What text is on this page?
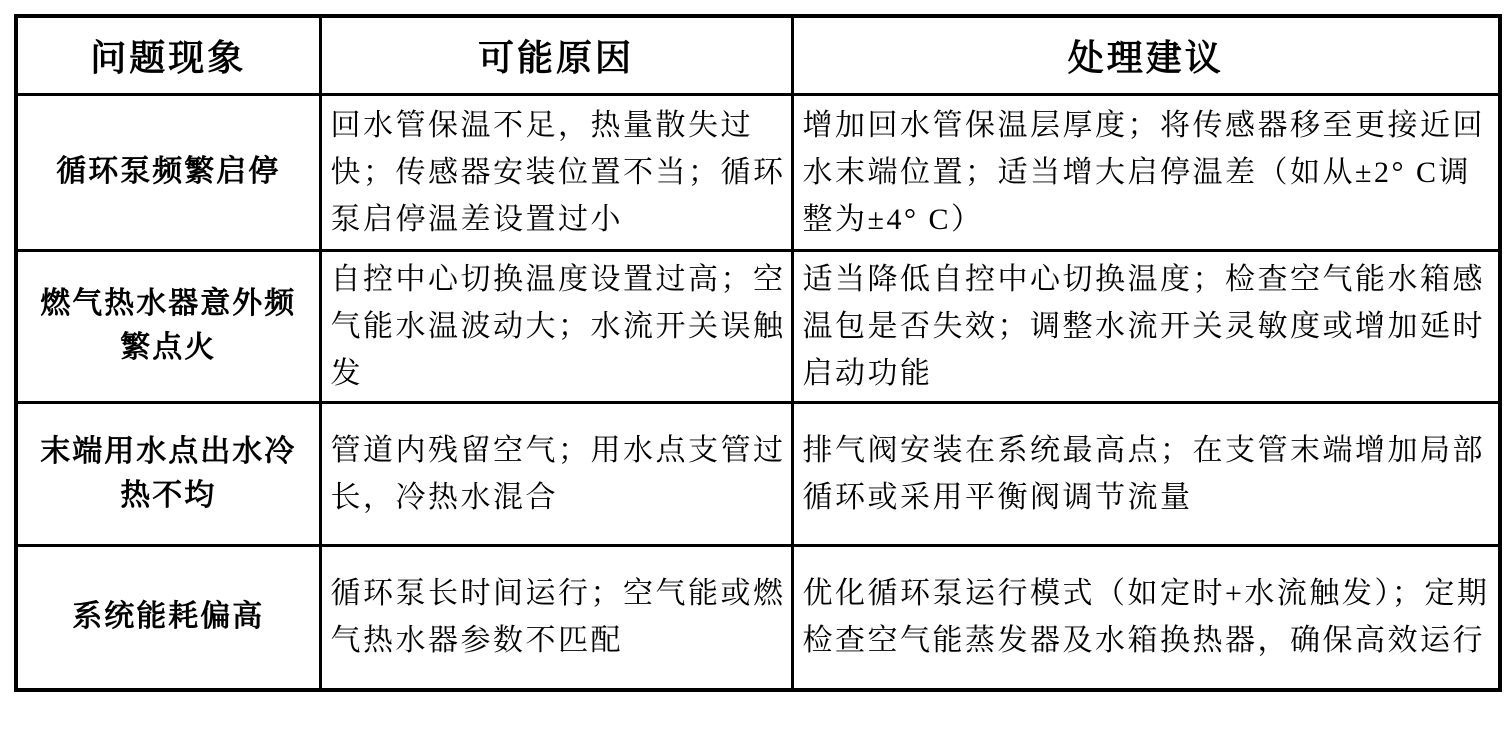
问题现象	可能原因	处理建议
循环泵频繁启停	回水管保温不足，热量散失过快；传感器安装位置不当；循环泵启停温差设置过小	增加回水管保温层厚度；将传感器移至更接近回水末端位置；适当增大启停温差（如从±2° C调整为±4° C）
燃气热水器意外频繁点火	自控中心切换温度设置过高；空气能水温波动大；水流开关误触发	适当降低自控中心切换温度；检查空气能水箱感温包是否失效；调整水流开关灵敏度或增加延时启动功能
末端用水点出水冷热不均	管道内残留空气；用水点支管过长，冷热水混合	排气阀安装在系统最高点；在支管末端增加局部循环或采用平衡阀调节流量
系统能耗偏高	循环泵长时间运行；空气能或燃气热水器参数不匹配	优化循环泵运行模式（如定时+水流触发）；定期检查空气能蒸发器及水箱换热器，确保高效运行
